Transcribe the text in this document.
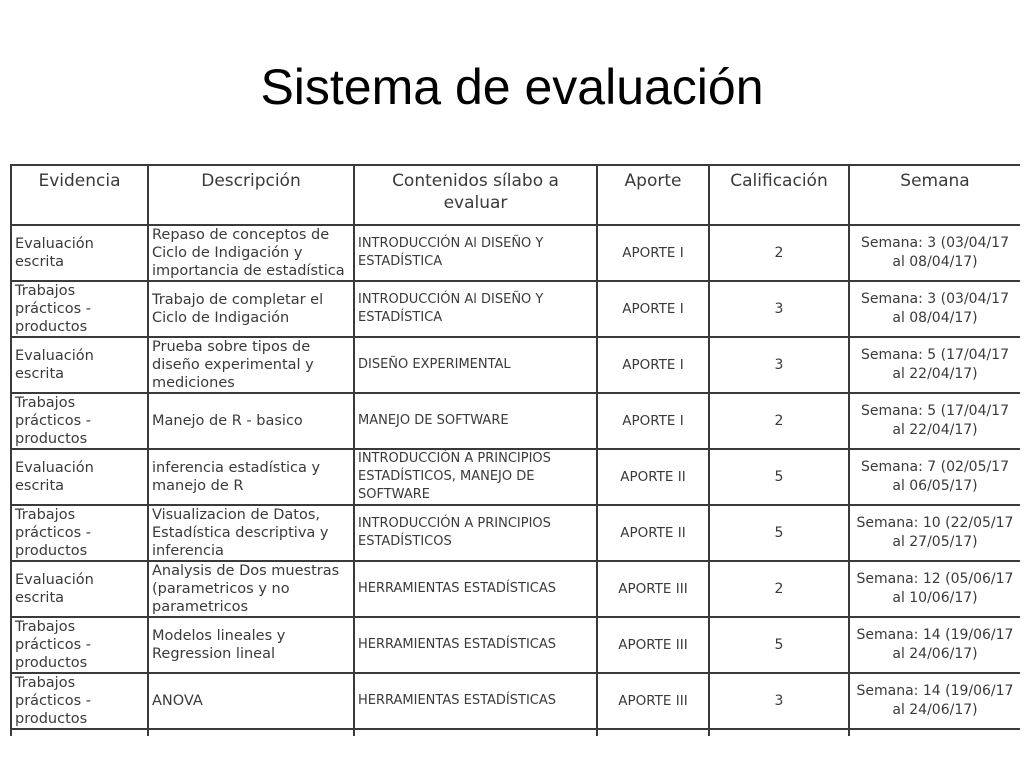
Sistema de evaluación
Evidencia	Descripción	Contenidos sílabo a evaluar	Aporte	Calificación	Semana
Evaluación escrita	Repaso de conceptos de Ciclo de Indigación y importancia de estadística	INTRODUCCIÓN Al DISEÑO Y ESTADÍSTICA	APORTE I	2	Semana: 3 (03/04/17 al 08/04/17)
Trabajos prácticos - productos	Trabajo de completar el Ciclo de Indigación	INTRODUCCIÓN Al DISEÑO Y ESTADÍSTICA	APORTE I	3	Semana: 3 (03/04/17 al 08/04/17)
Evaluación escrita	Prueba sobre tipos de diseño experimental y mediciones	DISEÑO EXPERIMENTAL	APORTE I	3	Semana: 5 (17/04/17 al 22/04/17)
Trabajos prácticos - productos	Manejo de R - basico	MANEJO DE SOFTWARE	APORTE I	2	Semana: 5 (17/04/17 al 22/04/17)
Evaluación escrita	inferencia estadística y manejo de R	INTRODUCCIÓN A PRINCIPIOS ESTADÍSTICOS, MANEJO DE SOFTWARE	APORTE II	5	Semana: 7 (02/05/17 al 06/05/17)
Trabajos prácticos - productos	Visualizacion de Datos, Estadística descriptiva y inferencia	INTRODUCCIÓN A PRINCIPIOS ESTADÍSTICOS	APORTE II	5	Semana: 10 (22/05/17 al 27/05/17)
Evaluación escrita	Analysis de Dos muestras (parametricos y no parametricos	HERRAMIENTAS ESTADÍSTICAS	APORTE III	2	Semana: 12 (05/06/17 al 10/06/17)
Trabajos prácticos - productos	Modelos lineales y Regression lineal	HERRAMIENTAS ESTADÍSTICAS	APORTE III	5	Semana: 14 (19/06/17 al 24/06/17)
Trabajos prácticos - productos	ANOVA	HERRAMIENTAS ESTADÍSTICAS	APORTE III	3	Semana: 14 (19/06/17 al 24/06/17)
